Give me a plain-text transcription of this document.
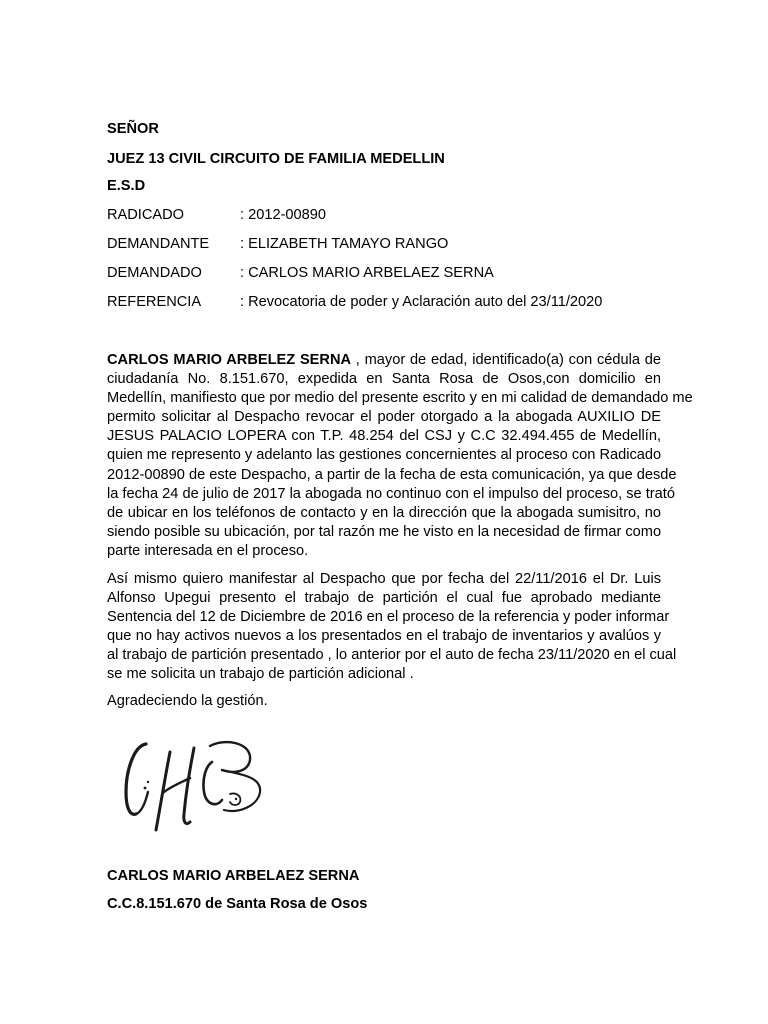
SEÑOR
JUEZ 13 CIVIL CIRCUITO DE FAMILIA MEDELLIN
E.S.D
RADICADO	: 2012-00890
DEMANDANTE : ELIZABETH TAMAYO RANGO
DEMANDADO	: CARLOS MARIO ARBELAEZ SERNA
REFERENCIA	: Revocatoria de poder y Aclaración auto del 23/11/2020
CARLOS MARIO ARBELEZ SERNA , mayor de edad, identificado(a) con cédula de
ciudadanía No. 8.151.670, expedida en Santa Rosa de Osos,con domicilio en
Medellín, manifiesto que por medio del presente escrito y en mi calidad de demandado me
permito solicitar al Despacho revocar el poder otorgado a la abogada AUXILIO DE
JESUS PALACIO LOPERA con T.P. 48.254 del CSJ y C.C 32.494.455 de Medellín,
quien me represento y adelanto las gestiones concernientes al proceso con Radicado
2012-00890 de este Despacho, a partir de la fecha de esta comunicación, ya que desde
la fecha 24 de julio de 2017 la abogada no continuo con el impulso del proceso, se trató
de ubicar en los teléfonos de contacto y en la dirección que la abogada sumisitro, no
siendo posible su ubicación, por tal razón me he visto en la necesidad de firmar como
parte interesada en el proceso.
Así mismo quiero manifestar al Despacho que por fecha del 22/11/2016 el Dr. Luis
Alfonso Upegui presento el trabajo de partición el cual fue aprobado mediante
Sentencia del 12 de Diciembre de 2016 en el proceso de la referencia y poder informar
que no hay activos nuevos a los presentados en el trabajo de inventarios y avalúos y
al trabajo de partición presentado , lo anterior por el auto de fecha 23/11/2020 en el cual
se me solicita un trabajo de partición adicional .
Agradeciendo la gestión.
CARLOS MARIO ARBELAEZ SERNA
C.C.8.151.670 de Santa Rosa de Osos
